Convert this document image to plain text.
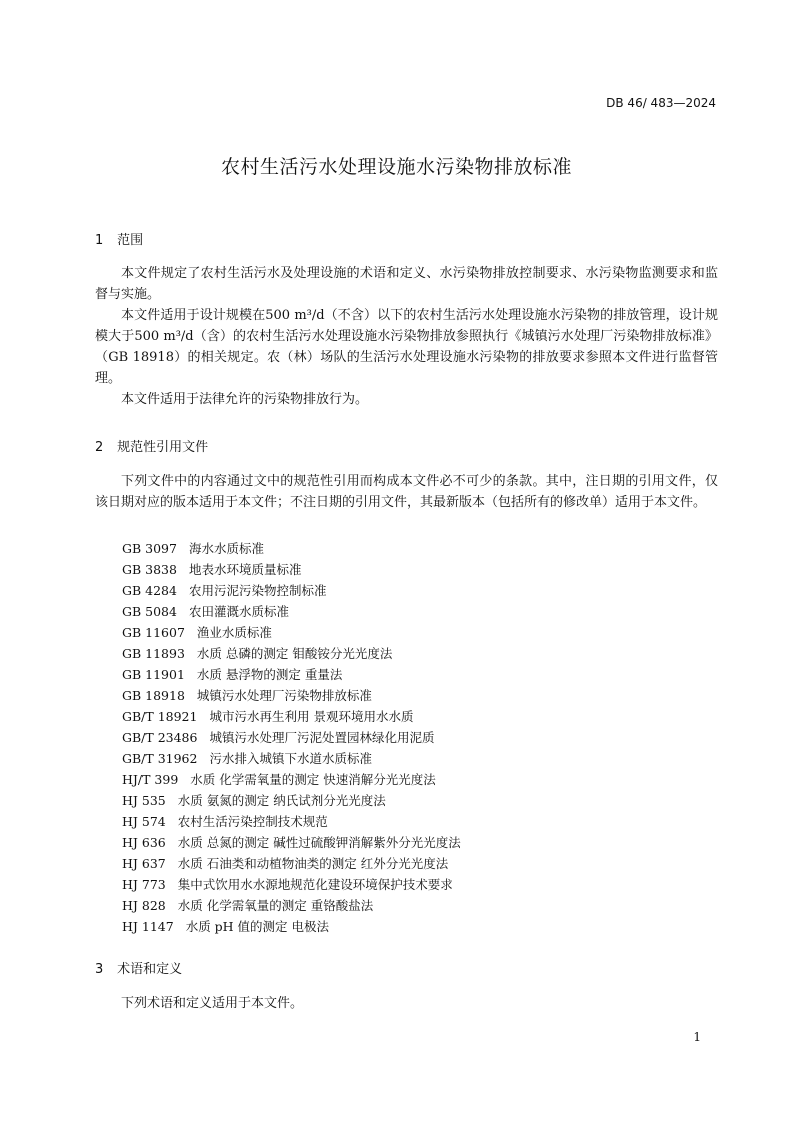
DB 46/ 483—2024
农村生活污水处理设施水污染物排放标准
1 范围

本文件规定了农村生活污水及处理设施的术语和定义、水污染物排放控制要求、水污染物监测要求和监督与实施。

本文件适用于设计规模在500 m³/d（不含）以下的农村生活污水处理设施水污染物的排放管理，设计规模大于500 m³/d（含）的农村生活污水处理设施水污染物排放参照执行《城镇污水处理厂污染物排放标准》（GB 18918）的相关规定。农（林）场队的生活污水处理设施水污染物的排放要求参照本文件进行监督管理。

本文件适用于法律允许的污染物排放行为。

2 规范性引用文件

下列文件中的内容通过文中的规范性引用而构成本文件必不可少的条款。其中，注日期的引用文件，仅该日期对应的版本适用于本文件；不注日期的引用文件，其最新版本（包括所有的修改单）适用于本文件。

GB 3097 海水水质标准
GB 3838 地表水环境质量标准
GB 4284 农用污泥污染物控制标准
GB 5084 农田灌溉水质标准
GB 11607 渔业水质标准
GB 11893 水质 总磷的测定 钼酸铵分光光度法
GB 11901 水质 悬浮物的测定 重量法
GB 18918 城镇污水处理厂污染物排放标准
GB/T 18921 城市污水再生利用 景观环境用水水质
GB/T 23486 城镇污水处理厂污泥处置园林绿化用泥质
GB/T 31962 污水排入城镇下水道水质标准
HJ/T 399 水质 化学需氧量的测定 快速消解分光光度法
HJ 535 水质 氨氮的测定 纳氏试剂分光光度法
HJ 574 农村生活污染控制技术规范
HJ 636 水质 总氮的测定 碱性过硫酸钾消解紫外分光光度法
HJ 637 水质 石油类和动植物油类的测定 红外分光光度法
HJ 773 集中式饮用水水源地规范化建设环境保护技术要求
HJ 828 水质 化学需氧量的测定 重铬酸盐法
HJ 1147 水质 pH 值的测定 电极法
3 术语和定义

下列术语和定义适用于本文件。

1
